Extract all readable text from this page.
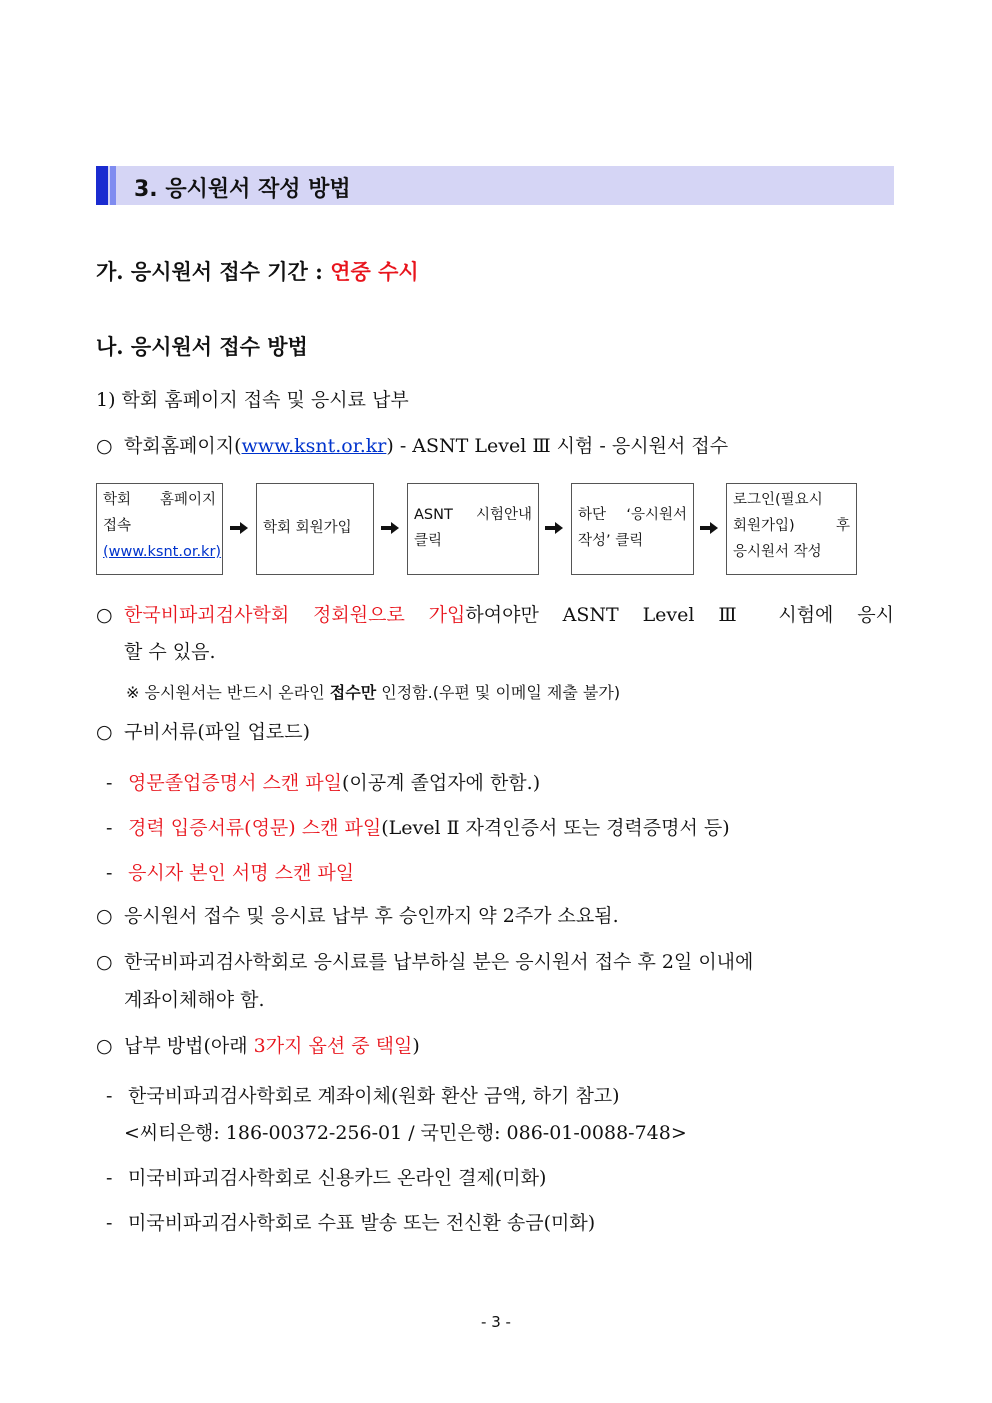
3. 응시원서 작성 방법
가. 응시원서 접수 기간 : 연중 수시
나. 응시원서 접수 방법
1) 학회 홈페이지 접속 및 응시료 납부
○ 학회홈페이지(www.ksnt.or.kr) - ASNT Level Ⅲ 시험 - 응시원서 접수
학회 홈페이지
접속
(www.ksnt.or.kr)
학회 회원가입
ASNT 시험안내
클릭
하단 ‘응시원서
작성’ 클릭
로그인(필요시
회원가입) 후
응시원서 작성
○ 한국비파괴검사학회 정회원으로 가입하여야만 ASNT Level Ⅲ 시험에 응시
할 수 있음.
※ 응시원서는 반드시 온라인 접수만 인정함.(우편 및 이메일 제출 불가)
○ 구비서류(파일 업로드)
- 영문졸업증명서 스캔 파일(이공계 졸업자에 한함.)
- 경력 입증서류(영문) 스캔 파일(Level Ⅱ 자격인증서 또는 경력증명서 등)
- 응시자 본인 서명 스캔 파일
○ 응시원서 접수 및 응시료 납부 후 승인까지 약 2주가 소요됨.
○ 한국비파괴검사학회로 응시료를 납부하실 분은 응시원서 접수 후 2일 이내에
계좌이체해야 함.
○ 납부 방법(아래 3가지 옵션 중 택일)
- 한국비파괴검사학회로 계좌이체(원화 환산 금액, 하기 참고)
<씨티은행: 186-00372-256-01 / 국민은행: 086-01-0088-748>
- 미국비파괴검사학회로 신용카드 온라인 결제(미화)
- 미국비파괴검사학회로 수표 발송 또는 전신환 송금(미화)
- 3 -
